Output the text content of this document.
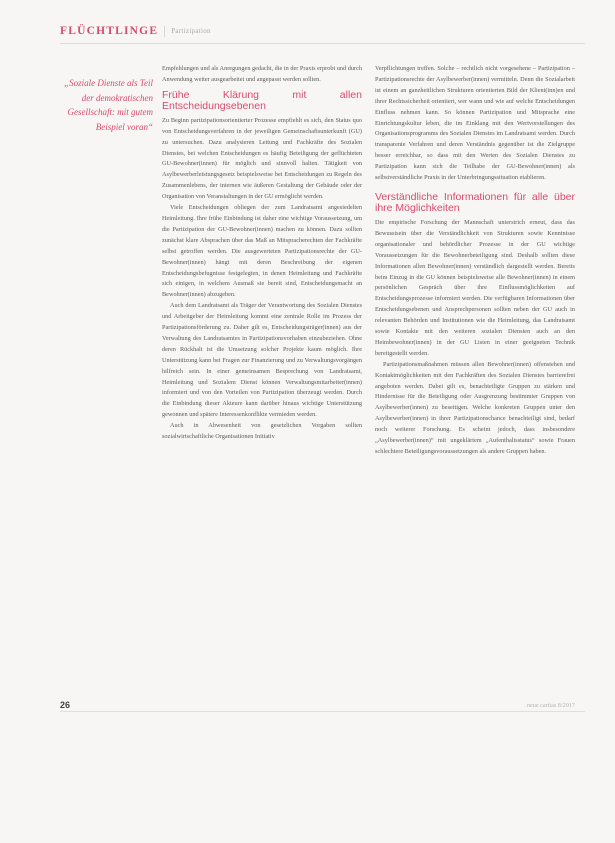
FLÜCHTLINGE Partizipation
„Soziale Dienste als Teil der demokratischen Gesellschaft: mit gutem Beispiel voran“

Empfehlungen und als Anregungen gedacht, die in der Praxis erprobt und durch Anwendung weiter ausgearbeitet und angepasst werden sollten.

Frühe Klärung mit allen Entscheidungsebenen

Zu Beginn partizipationsorientierter Prozesse empfiehlt es sich, den Status quo von Entscheidungsverfahren in der jeweiligen Gemeinschaftsunterkunft (GU) zu untersuchen. Dazu analysieren Leitung und Fachkräfte des Sozialen Dienstes, bei welchen Entscheidungen es häufig Beteiligung der geflüchteten GU-Bewohner(innen) für möglich und sinnvoll halten. Tätigkeit von Asylbewerberleistungsgesetz beispielsweise bei Entscheidungen zu Regeln des Zusammenlebens, der internen wie äußeren Gestaltung der Gebäude oder der Organisation von Veranstaltungen in der GU ermöglicht werden.

Viele Entscheidungen obliegen der zum Landratsamt angesiedelten Heimleitung. Ihre frühe Einbindung ist daher eine wichtige Voraussetzung, um die Partizipation der GU-Bewohner(innen) machen zu können. Dazu sollten zunächst klare Absprachen über das Maß an Mitspracherechten der Fachkräfte selbst getroffen werden. Die ausgewerteten Partizipationsrechte der GU-Bewohner(innen) hängt mit deren Beschreibung der eigenen Entscheidungsbefugnisse festgelegten, in denen Heimleitung und Fachkräfte sich einigen, in welchem Ausmaß sie bereit sind, Entscheidungsmacht an Bewohner(innen) abzugeben.

Auch dem Landratsamt als Träger der Verantwortung des Sozialen Dienstes und Arbeitgeber der Heimleitung kommt eine zentrale Rolle im Prozess der Partizipationsförderung zu. Daher gilt es, Entscheidungsträger(innen) aus der Verwaltung des Landratsamtes in Partizipationsvorhaben einzubeziehen. Ohne deren Rückhalt ist die Umsetzung solcher Projekte kaum möglich. Ihre Unterstützung kann bei Fragen zur Finanzierung und zu Verwaltungsvorgängen hilfreich sein. In einer gemeinsamen Besprechung von Landratsamt, Heimleitung und Sozialem Dienst können Verwaltungsmitarbeiter(innen) informiert und von den Vorteilen von Partizipation überzeugt werden. Durch die Einbindung dieser Akteure kann darüber hinaus wichtige Unterstützung gewonnen und spätere Interessenkonflikte vermieden werden.

Auch in Abwesenheit von gesetzlichen Vorgaben sollten sozialwirtschaftliche Organisationen Initiativ

Verpflichtungen treffen. Solche – rechtlich nicht vorgesehene – Partizipation – Partizipationsrechte der Asylbewerber(innen) vermitteln. Denn die Sozialarbeit ist einem an ganzheitlichen Strukturen orientierten Bild der Klient(inn)en und ihrer Rechtssicherheit orientiert, wer wann und wie auf welche Entscheidungen Einfluss nehmen kann. So können Partizipation und Mitsprache eine Einrichtungskultur leben, die im Einklang mit den Wertvorstellungen des Organisationsprogramms des Sozialen Dienstes im Landratsamt werden. Durch transparente Verfahren und deren Verständnis gegenüber ist die Zielgruppe besser erreichbar, so dass mit den Werten des Sozialen Dienstes zu Partizipation kann sich die Teilhabe der GU-Bewohner(innen) als selbstverständliche Praxis in der Unterbringungssituation etablieren.

Verständliche Informationen für alle über ihre Möglichkeiten

Die empirische Forschung der Mannschaft unterstrich erneut, dass das Bewusstsein über die Verständlichkeit von Strukturen sowie Kenntnisse organisationaler und behördlicher Prozesse in der GU wichtige Voraussetzungen für die Bewohnerbeteiligung sind. Deshalb sollten diese Informationen allen Bewohner(innen) verständlich dargestellt werden. Bereits beim Einzug in die GU können beispielsweise alle Bewohner(innen) in einem persönlichen Gespräch über ihre Einflussmöglichkeiten auf Entscheidungsprozesse informiert werden. Die verfügbaren Informationen über Entscheidungsebenen und Ansprechpersonen sollten neben der GU auch in relevanten Behörden und Institutionen wie die Heimleitung, das Landratsamt sowie Kontakte mit den weiteren sozialen Diensten auch an den Heimbewohner(innen) in der GU Listen in einer geeigneten Technik bereitgestellt werden.

Partizipationsmaßnahmen müssen allen Bewohner(innen) offenstehen und Kontaktmöglichkeiten mit den Fachkräften des Sozialen Dienstes barrierefrei angeboten werden. Dabei gilt es, benachteiligte Gruppen zu stärken und Hindernisse für die Beteiligung oder Ausgrenzung bestimmter Gruppen von Asylbewerber(innen) zu beseitigen. Welche konkreten Gruppen unter den Asylbewerber(innen) in ihrer Partizipationschance benachteiligt sind, bedarf noch weiterer Forschung. Es scheint jedoch, dass insbesondere „Asylbewerber(innen)“ mit ungeklärtem „Aufenthaltsstatus“ sowie Frauen schlechtere Beteiligungsvoraussetzungen als andere Gruppen haben.

26	neue caritas 8/2017
